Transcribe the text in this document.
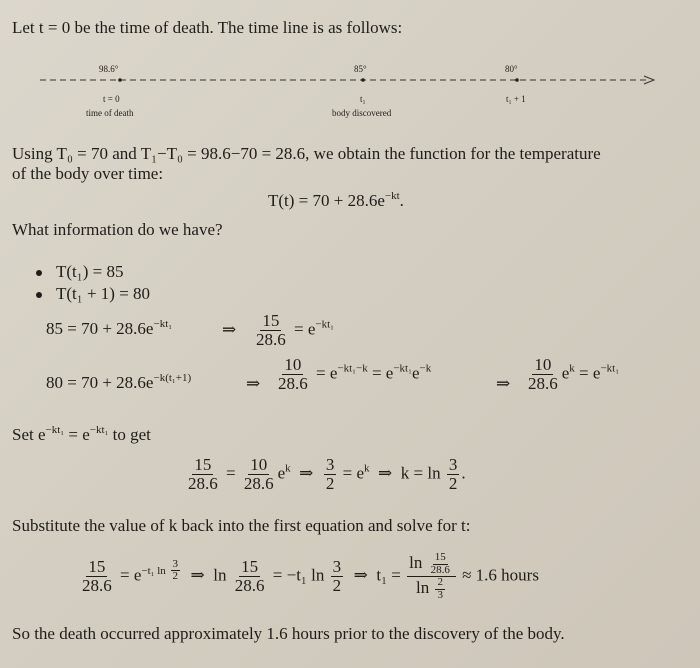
Let t = 0 be the time of death. The time line is as follows:
98.6°	85°	80°
t = 0	t₁	t₁ + 1
time of death	body discovered
Using T₀ = 70 and T₁−T₀ = 98.6−70 = 28.6, we obtain the function for the temperature
of the body over time:
$T(t) = 70 + 28.6e^{-kt}$.
What information do we have?
T(t₁) = 85
T(t₁ + 1) = 80
$85 = 70 + 28.6e^{-kt_1}$	⇒ $\frac{15}{28.6} = e^{-kt_1}$
$80 = 70 + 28.6e^{-k(t_1+1)}$	⇒ $\frac{10}{28.6} = e^{-kt_1-k} = e^{-kt_1}e^{-k}$
⇒ $\frac{10}{28.6} e^k = e^{-kt_1}$
Set $e^{-kt_1} = e^{-kt_1}$ to get
$\frac{15}{28.6} = \frac{10}{28.6} e^k$ ⇒ $\frac{3}{2} = e^k$ ⇒ $k = \ln \frac{3}{2}$ .
Substitute the value of k back into the first equation and solve for t:
$\frac{15}{28.6} = e^{-t_1 ln \frac{3}{2}}$ ⇒ $\ln \frac{15}{28.6} = -t_1$ $\ln \frac{3}{2}$ ⇒ $t_1 = \frac{\ln \frac{15}{28.6}}{\ln \frac{2}{3}} \approx 1.6$ hours
So the death occurred approximately 1.6 hours prior to the discovery of the body.
